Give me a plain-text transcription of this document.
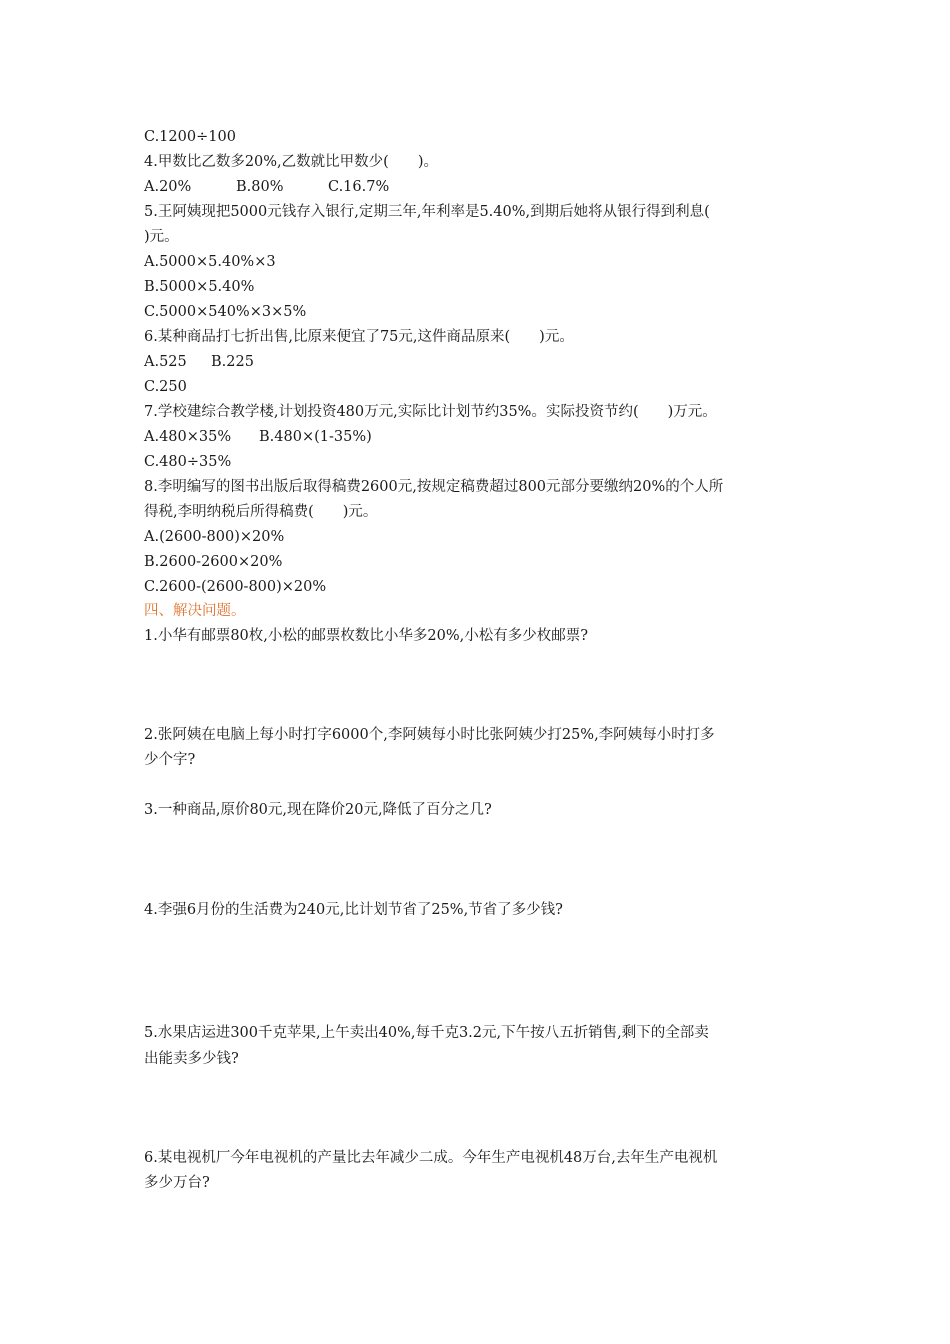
C.1200÷100
4.甲数比乙数多20%,乙数就比甲数少(　　)。
A.20%	B.80%	C.16.7%
5.王阿姨现把5000元钱存入银行,定期三年,年利率是5.40%,到期后她将从银行得到利息(
)元。
A.5000×5.40%×3
B.5000×5.40%
C.5000×540%×3×5%
6.某种商品打七折出售,比原来便宜了75元,这件商品原来(　　)元。
A.525 B.225
C.250
7.学校建综合教学楼,计划投资480万元,实际比计划节约35%。实际投资节约(　　)万元。
A.480×35% B.480×(1-35%)
C.480÷35%
8.李明编写的图书出版后取得稿费2600元,按规定稿费超过800元部分要缴纳20%的个人所
得税,李明纳税后所得稿费(　　)元。
A.(2600-800)×20%
B.2600-2600×20%
C.2600-(2600-800)×20%
四、解决问题。
1.小华有邮票80枚,小松的邮票枚数比小华多20%,小松有多少枚邮票?
2.张阿姨在电脑上每小时打字6000个,李阿姨每小时比张阿姨少打25%,李阿姨每小时打多
少个字?
3.一种商品,原价80元,现在降价20元,降低了百分之几?
4.李强6月份的生活费为240元,比计划节省了25%,节省了多少钱?
5.水果店运进300千克苹果,上午卖出40%,每千克3.2元,下午按八五折销售,剩下的全部卖
出能卖多少钱?
6.某电视机厂今年电视机的产量比去年减少二成。今年生产电视机48万台,去年生产电视机
多少万台?
